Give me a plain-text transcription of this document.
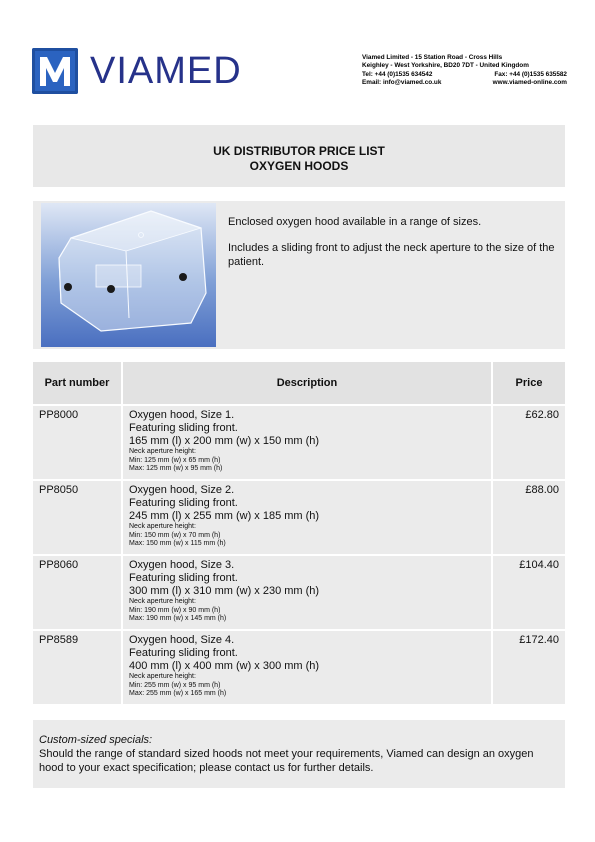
VIAMED	Viamed Limited - 15 Station Road - Cross Hills
Keighley - West Yorkshire, BD20 7DT - United Kingdom
Tel: +44 (0)1535 634542	Fax: +44 (0)1535 635582
Email: info@viamed.co.uk	www.viamed-online.com
UK DISTRIBUTOR PRICE LIST
OXYGEN HOODS

Enclosed oxygen hood available in a range of sizes.

Includes a sliding front to adjust the neck aperture to the size of the patient.

Part number	Description	Price
PP8000	Oxygen hood, Size 1.
Featuring sliding front.
165 mm (l) x 200 mm (w) x 150 mm (h)
Neck aperture height:
Min: 125 mm (w) x 65 mm (h)
Max: 125 mm (w) x 95 mm (h)
£62.80
PP8050	Oxygen hood, Size 2.
Featuring sliding front.
245 mm (l) x 255 mm (w) x 185 mm (h)
Neck aperture height:
Min: 150 mm (w) x 70 mm (h)
Max: 150 mm (w) x 115 mm (h)
£88.00
PP8060	Oxygen hood, Size 3.
Featuring sliding front.
300 mm (l) x 310 mm (w) x 230 mm (h)
Neck aperture height:
Min: 190 mm (w) x 90 mm (h)
Max: 190 mm (w) x 145 mm (h)
£104.40
PP8589	Oxygen hood, Size 4.
Featuring sliding front.
400 mm (l) x 400 mm (w) x 300 mm (h)
Neck aperture height:
Min: 255 mm (w) x 95 mm (h)
Max: 255 mm (w) x 165 mm (h)
£172.40
Custom-sized specials:
Should the range of standard sized hoods not meet your requirements, Viamed can design an oxygen hood to your exact specification; please contact us for further details.
